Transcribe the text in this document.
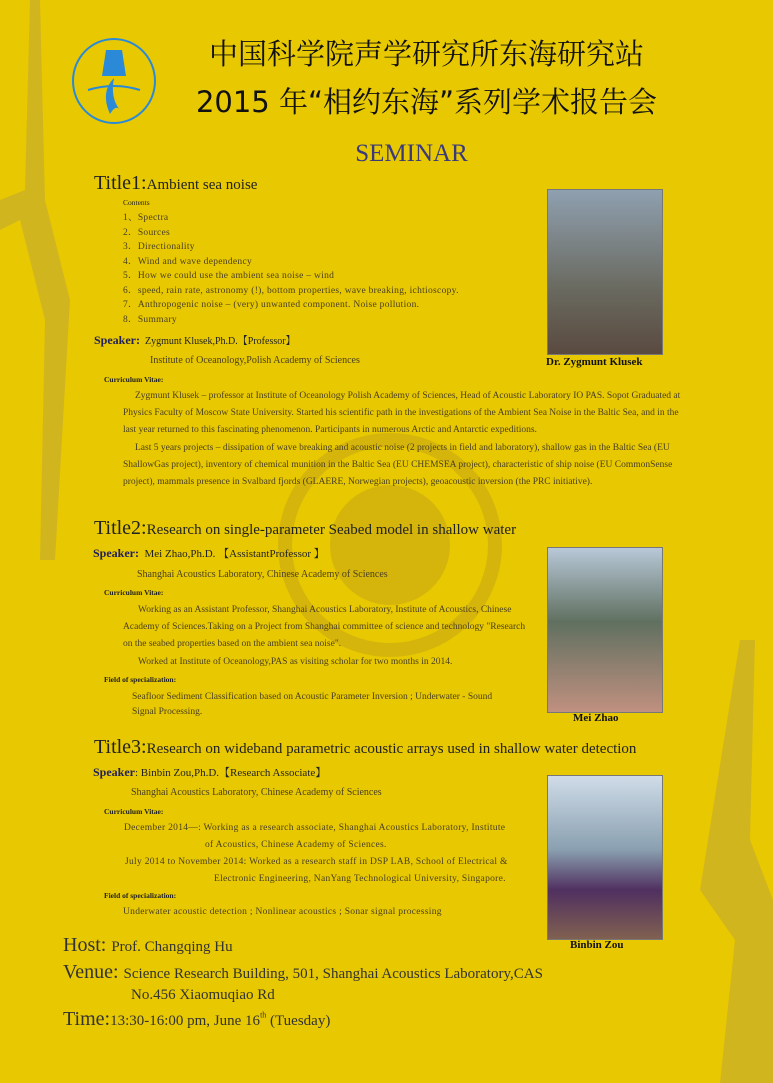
中国科学院声学研究所东海研究站
2015 年“相约东海”系列学术报告会
SEMINAR
Title1:Ambient sea noise
Contents
1、Spectra
2．Sources
3．Directionality
4．Wind and wave dependency
5．How we could use the ambient sea noise – wind
6．speed, rain rate, astronomy (!), bottom properties, wave breaking, ichtioscopy.
7．Anthropogenic noise – (very) unwanted component. Noise pollution.
8．Summary
Speaker: Zygmunt Klusek,Ph.D.【Professor】
Institute of Oceanology,Polish Academy of Sciences	Dr. Zygmunt Klusek
Curriculum Vitae:
Zygmunt Klusek – professor at Institute of Oceanology Polish Academy of Sciences, Head of Acoustic Laboratory IO PAS. Sopot Graduated at Physics Faculty of Moscow State University. Started his scientific path in the investigations of the Ambient Sea Noise in the Baltic Sea, and in the last year returned to this fascinating phenomenon. Participants in numerous Arctic and Antarctic expeditions.
Last 5 years projects – dissipation of wave breaking and acoustic noise (2 projects in field and laboratory), shallow gas in the Baltic Sea (EU ShallowGas project), inventory of chemical munition in the Baltic Sea (EU CHEMSEA project), characteristic of ship noise (EU CommonSense project), mammals presence in Svalbard fjords (GLAERE, Norwegian projects), geoacoustic inversion (the PRC initiative).
Title2:Research on single-parameter Seabed model in shallow water
Speaker: Mei Zhao,Ph.D. 【AssistantProfessor 】
Shanghai Acoustics Laboratory, Chinese Academy of Sciences
Curriculum Vitae:
Working as an Assistant Professor, Shanghai Acoustics Laboratory, Institute of Acoustics, Chinese Academy of Sciences.Taking on a Project from Shanghai committee of science and technology "Research on the seabed properties based on the ambient sea noise".
Worked at Institute of Oceanology,PAS as visiting scholar for two months in 2014.
Field of specialization:
Seafloor Sediment Classification based on Acoustic Parameter Inversion ; Underwater - Sound Signal Processing.	Mei Zhao
Title3:Research on wideband parametric acoustic arrays used in shallow water detection
Speaker: Binbin Zou,Ph.D.【Research Associate】
Shanghai Acoustics Laboratory, Chinese Academy of Sciences
Curriculum Vitae:
December 2014—: Working as a research associate, Shanghai Acoustics Laboratory, Institute
of Acoustics, Chinese Academy of Sciences.
July 2014 to November 2014: Worked as a research staff in DSP LAB, School of Electrical &
Electronic Engineering, NanYang Technological University, Singapore.
Field of specialization:
Underwater acoustic detection ; Nonlinear acoustics ; Sonar signal processing
Binbin Zou
Host: Prof. Changqing Hu
Venue: Science Research Building, 501, Shanghai Acoustics Laboratory,CAS
No.456 Xiaomuqiao Rd
Time:13:30-16:00 pm, June 16th (Tuesday)
